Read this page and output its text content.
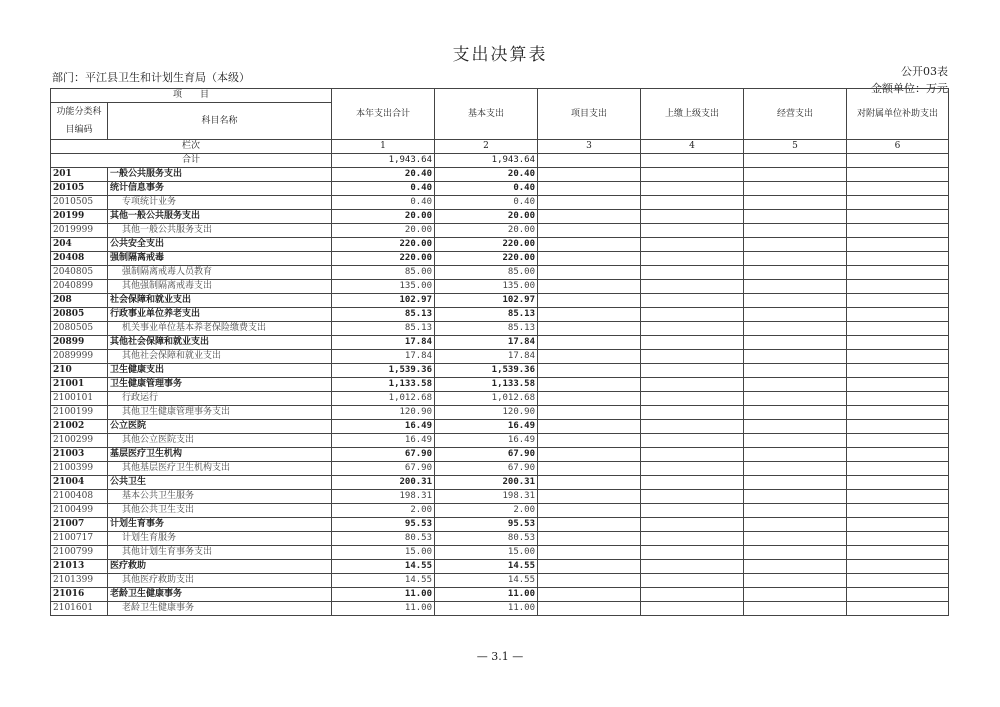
支出决算表
公开03表
部门：平江县卫生和计划生育局（本级）
金额单位：万元
项　　目		本年支出合计	基本支出	项目支出	上缴上级支出	经营支出	对附属单位补助支出
功能分类科目编码	科目名称						
栏次		1	2	3	4	5	6
合计		1,943.64	1,943.64				
201	一般公共服务支出	20.40	20.40				
20105	统计信息事务	0.40	0.40				
2010505	专项统计业务	0.40	0.40				
20199	其他一般公共服务支出	20.00	20.00				
2019999	其他一般公共服务支出	20.00	20.00				
204	公共安全支出	220.00	220.00				
20408	强制隔离戒毒	220.00	220.00				
2040805	强制隔离戒毒人员教育	85.00	85.00				
2040899	其他强制隔离戒毒支出	135.00	135.00				
208	社会保障和就业支出	102.97	102.97				
20805	行政事业单位养老支出	85.13	85.13				
2080505	机关事业单位基本养老保险缴费支出	85.13	85.13				
20899	其他社会保障和就业支出	17.84	17.84				
2089999	其他社会保障和就业支出	17.84	17.84				
210	卫生健康支出	1,539.36	1,539.36				
21001	卫生健康管理事务	1,133.58	1,133.58				
2100101	行政运行	1,012.68	1,012.68				
2100199	其他卫生健康管理事务支出	120.90	120.90				
21002	公立医院	16.49	16.49				
2100299	其他公立医院支出	16.49	16.49				
21003	基层医疗卫生机构	67.90	67.90				
2100399	其他基层医疗卫生机构支出	67.90	67.90				
21004	公共卫生	200.31	200.31				
2100408	基本公共卫生服务	198.31	198.31				
2100499	其他公共卫生支出	2.00	2.00				
21007	计划生育事务	95.53	95.53				
2100717	计划生育服务	80.53	80.53				
2100799	其他计划生育事务支出	15.00	15.00				
21013	医疗救助	14.55	14.55				
2101399	其他医疗救助支出	14.55	14.55				
21016	老龄卫生健康事务	11.00	11.00				
2101601	老龄卫生健康事务	11.00	11.00				
— 3.1 —
